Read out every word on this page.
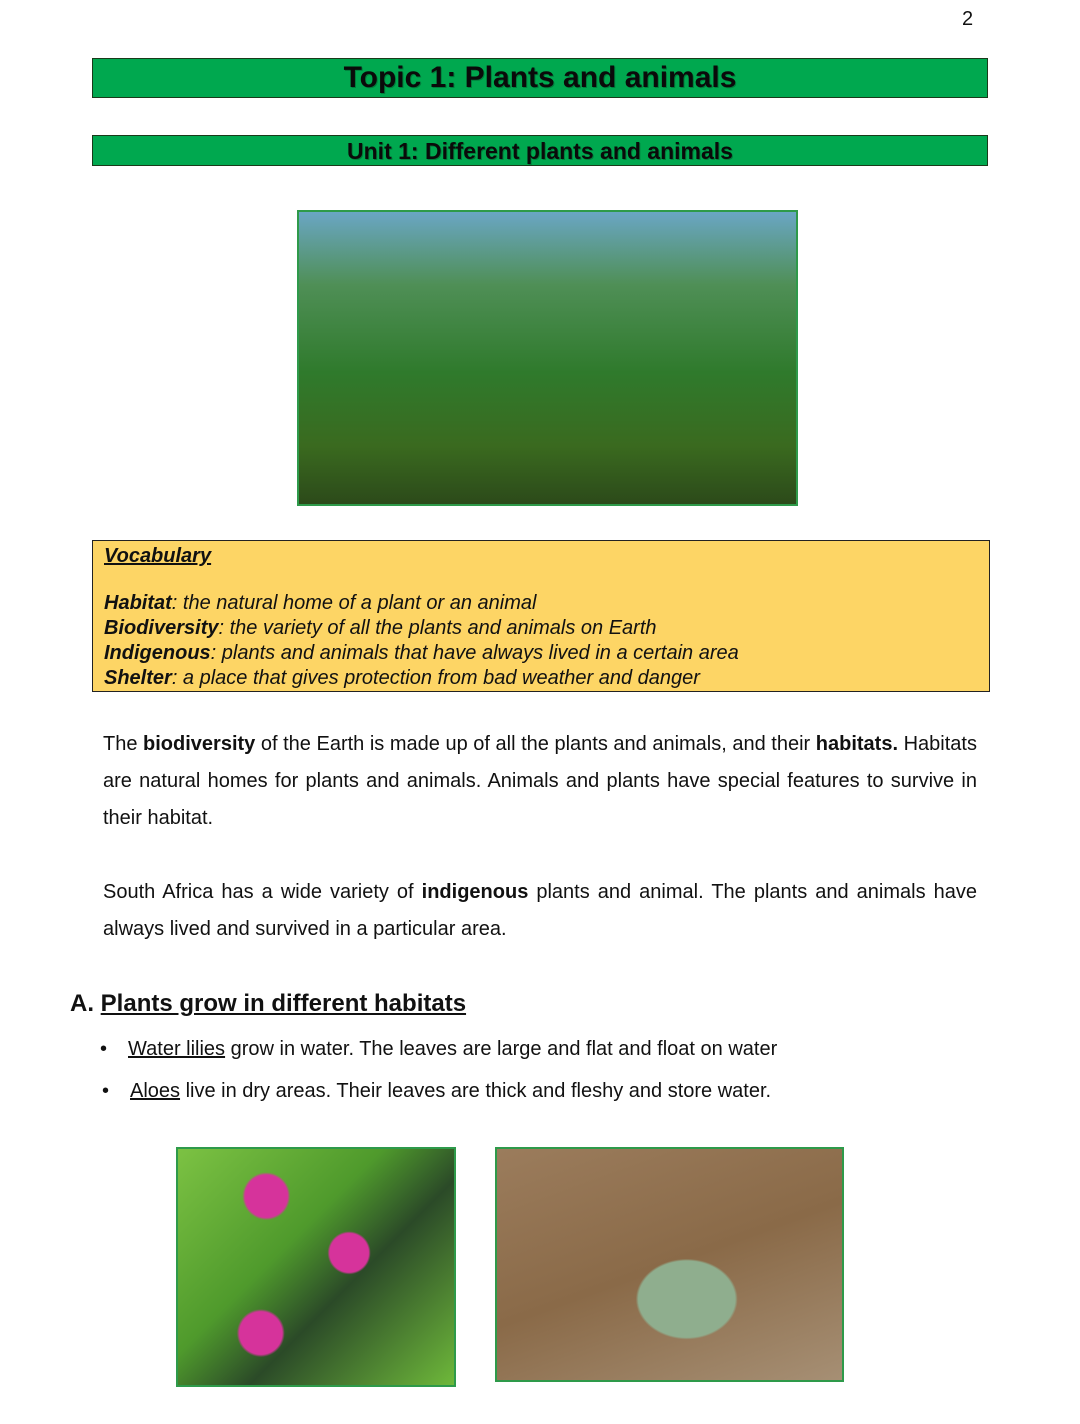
2
Topic 1: Plants and animals
Unit 1: Different plants and animals
Vocabulary
Habitat: the natural home of a plant or an animal
Biodiversity: the variety of all the plants and animals on Earth
Indigenous: plants and animals that have always lived in a certain area
Shelter: a place that gives protection from bad weather and danger
The biodiversity of the Earth is made up of all the plants and animals, and their habitats. Habitats are natural homes for plants and animals. Animals and plants have special features to survive in their habitat.
South Africa has a wide variety of indigenous plants and animal. The plants and animals have always lived and survived in a particular area.
A. Plants grow in different habitats
• Water lilies grow in water. The leaves are large and flat and float on water
• Aloes live in dry areas. Their leaves are thick and fleshy and store water.
